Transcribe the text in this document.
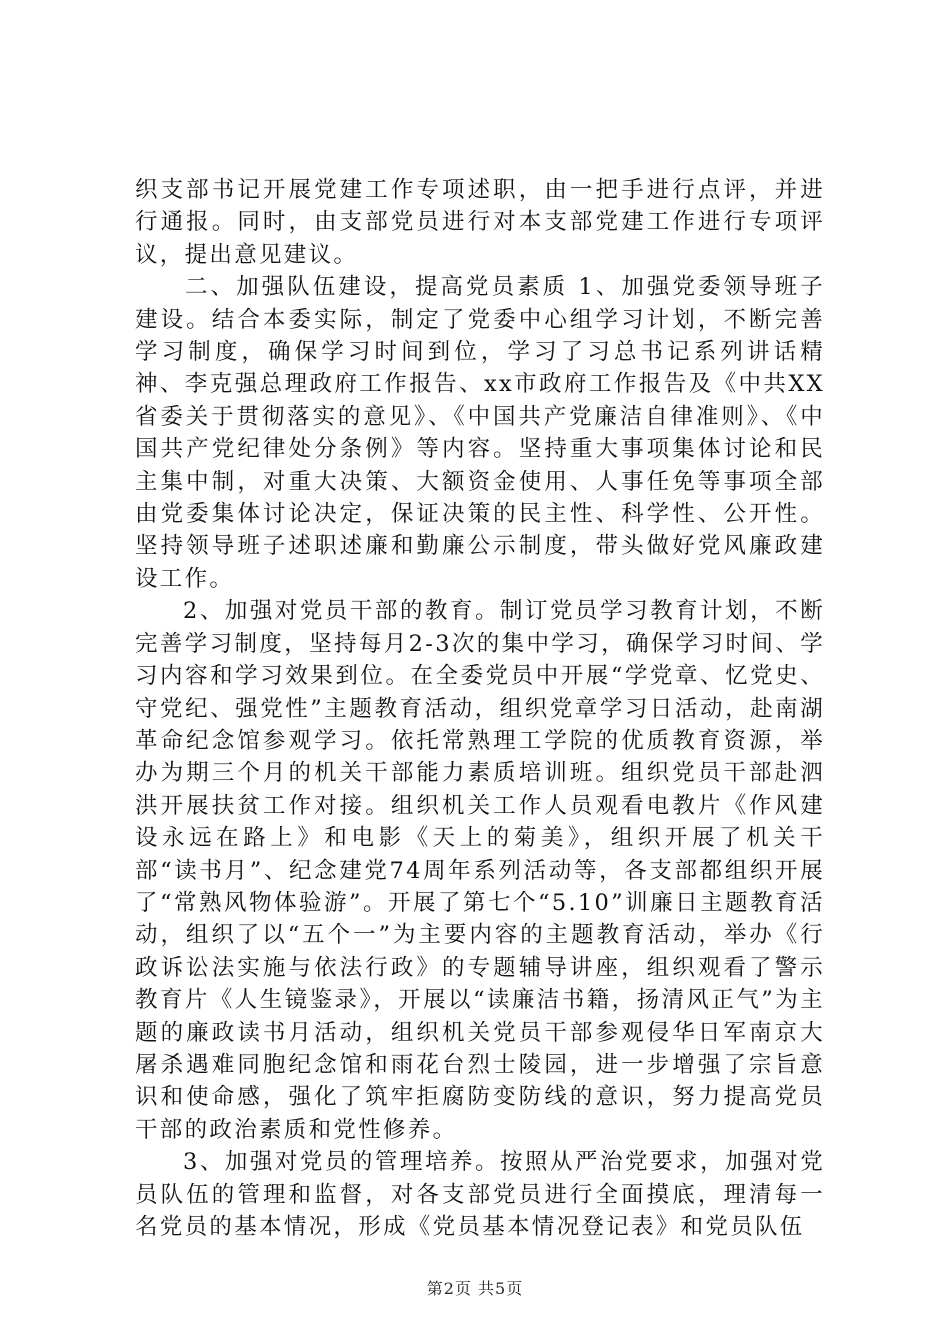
织支部书记开展党建工作专项述职，由一把手进行点评，并进行通报。同时，由支部党员进行对本支部党建工作进行专项评议，提出意见建议。

二、加强队伍建设，提高党员素质 1、加强党委领导班子建设。结合本委实际，制定了党委中心组学习计划，不断完善学习制度，确保学习时间到位，学习了习总书记系列讲话精神、李克强总理政府工作报告、xx市政府工作报告及《中共XX省委关于贯彻落实的意见》、《中国共产党廉洁自律准则》、《中国共产党纪律处分条例》等内容。坚持重大事项集体讨论和民主集中制，对重大决策、大额资金使用、人事任免等事项全部由党委集体讨论决定，保证决策的民主性、科学性、公开性。坚持领导班子述职述廉和勤廉公示制度，带头做好党风廉政建设工作。

2、加强对党员干部的教育。制订党员学习教育计划，不断完善学习制度，坚持每月2-3次的集中学习，确保学习时间、学习内容和学习效果到位。在全委党员中开展“学党章、忆党史、守党纪、强党性”主题教育活动，组织党章学习日活动，赴南湖革命纪念馆参观学习。依托常熟理工学院的优质教育资源，举办为期三个月的机关干部能力素质培训班。组织党员干部赴泗洪开展扶贫工作对接。组织机关工作人员观看电教片《作风建设永远在路上》和电影《天上的菊美》，组织开展了机关干部“读书月”、纪念建党74周年系列活动等，各支部都组织开展了“常熟风物体验游”。开展了第七个“5.10”训廉日主题教育活动，组织了以“五个一”为主要内容的主题教育活动，举办《行政诉讼法实施与依法行政》的专题辅导讲座，组织观看了警示教育片《人生镜鉴录》，开展以“读廉洁书籍，扬清风正气”为主题的廉政读书月活动，组织机关党员干部参观侵华日军南京大屠杀遇难同胞纪念馆和雨花台烈士陵园，进一步增强了宗旨意识和使命感，强化了筑牢拒腐防变防线的意识，努力提高党员干部的政治素质和党性修养。

3、加强对党员的管理培养。按照从严治党要求，加强对党员队伍的管理和监督，对各支部党员进行全面摸底，理清每一名党员的基本情况，形成《党员基本情况登记表》和党员队伍

第2页 共5页
